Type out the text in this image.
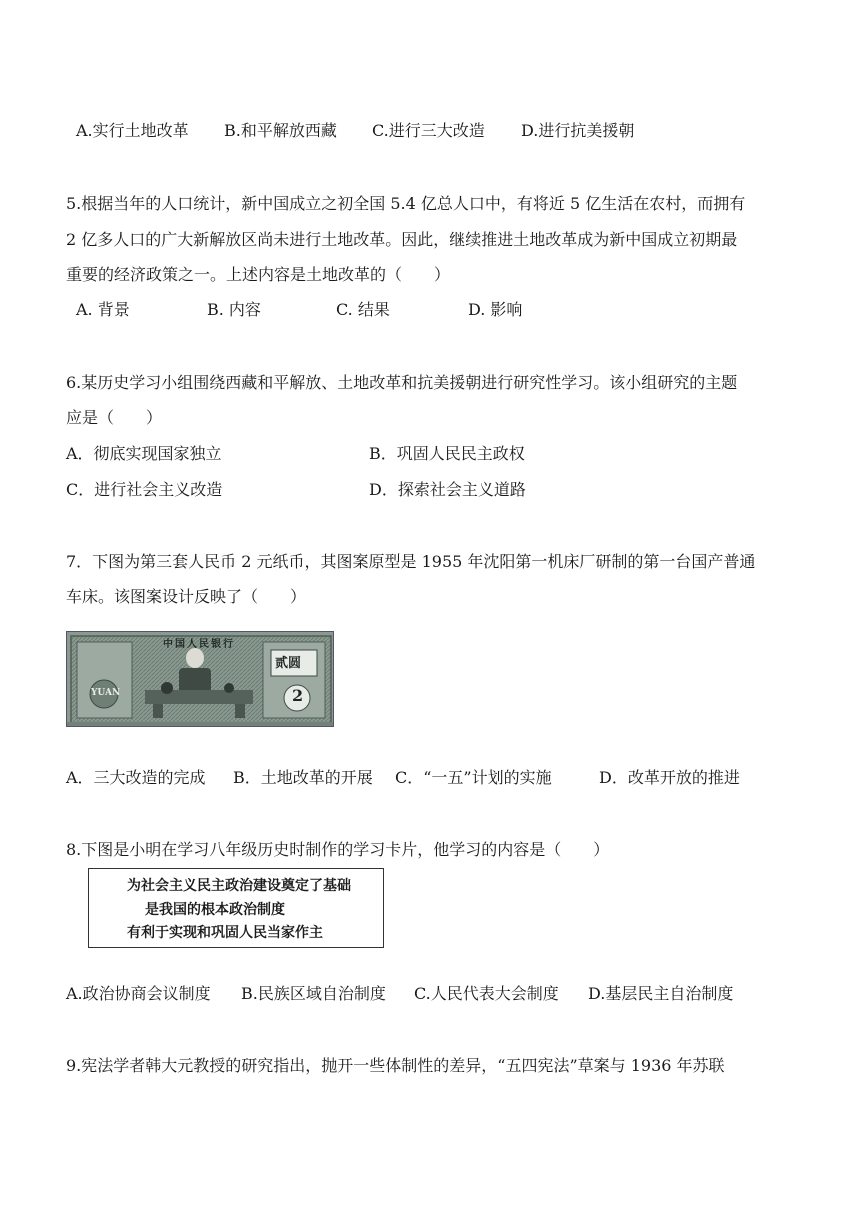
A.实行土地改革 B.和平解放西藏 C.进行三大改造 D.进行抗美援朝
5.根据当年的人口统计，新中国成立之初全国 5.4 亿总人口中，有将近 5 亿生活在农村，而拥有
2 亿多人口的广大新解放区尚未进行土地改革。因此，继续推进土地改革成为新中国成立初期最
重要的经济政策之一。上述内容是土地改革的（　　）
A. 背景	B. 内容	C. 结果	D. 影响
6.某历史学习小组围绕西藏和平解放、土地改革和抗美援朝进行研究性学习。该小组研究的主题
应是（　　）
A．彻底实现国家独立	B．巩固人民民主政权
C．进行社会主义改造	D．探索社会主义道路
7．下图为第三套人民币 2 元纸币，其图案原型是 1955 年沈阳第一机床厂研制的第一台国产普通
车床。该图案设计反映了（　　）
中国人民银行
贰圆
2
YUAN
A．三大改造的完成 B．土地改革的开展 C．“一五”计划的实施	D．改革开放的推进
8.下图是小明在学习八年级历史时制作的学习卡片，他学习的内容是（　　）
为社会主义民主政治建设奠定了基础
是我国的根本政治制度
有利于实现和巩固人民当家作主
A.政治协商会议制度 B.民族区域自治制度 C.人民代表大会制度 D.基层民主自治制度
9.宪法学者韩大元教授的研究指出，抛开一些体制性的差异，“五四宪法”草案与 1936 年苏联
